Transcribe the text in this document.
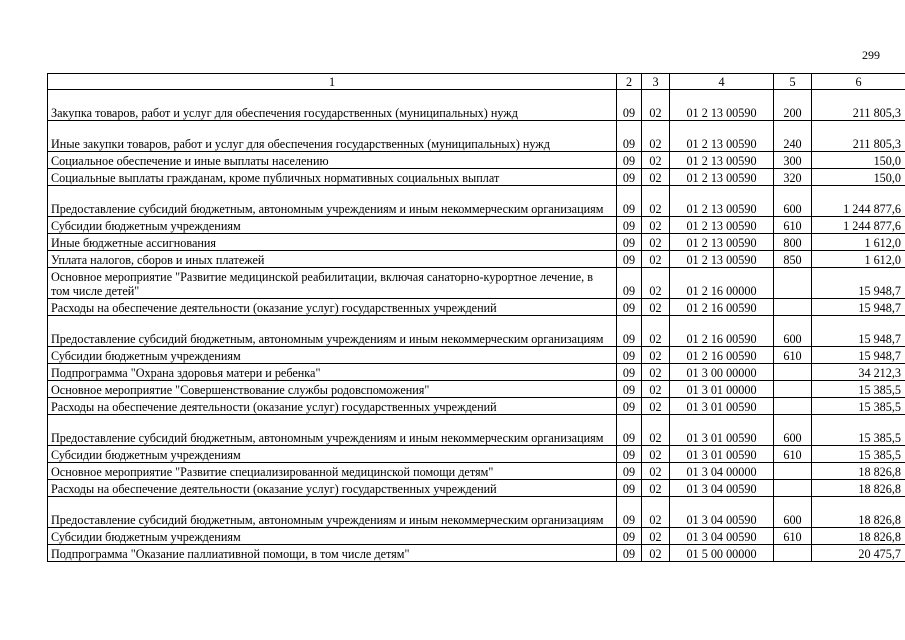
299
1	2	3	4	5	6
Закупка товаров, работ и услуг для обеспечения государственных (муниципальных) нужд	09	02	01 2 13 00590	200	211 805,3
Иные закупки товаров, работ и услуг для обеспечения государственных (муниципальных) нужд	09	02	01 2 13 00590	240	211 805,3
Социальное обеспечение и иные выплаты населению	09	02	01 2 13 00590	300	150,0
Социальные выплаты гражданам, кроме публичных нормативных социальных выплат	09	02	01 2 13 00590	320	150,0
Предоставление субсидий бюджетным, автономным учреждениям и иным некоммерческим организациям	09	02	01 2 13 00590	600	1 244 877,6
Субсидии бюджетным учреждениям	09	02	01 2 13 00590	610	1 244 877,6
Иные бюджетные ассигнования	09	02	01 2 13 00590	800	1 612,0
Уплата налогов, сборов и иных платежей	09	02	01 2 13 00590	850	1 612,0
Основное мероприятие "Развитие медицинской реабилитации, включая санаторно-курортное лечение, в том числе детей"	09	02	01 2 16 00000		15 948,7
Расходы на обеспечение деятельности (оказание услуг) государственных учреждений	09	02	01 2 16 00590		15 948,7
Предоставление субсидий бюджетным, автономным учреждениям и иным некоммерческим организациям	09	02	01 2 16 00590	600	15 948,7
Субсидии бюджетным учреждениям	09	02	01 2 16 00590	610	15 948,7
Подпрограмма "Охрана здоровья матери и ребенка"	09	02	01 3 00 00000		34 212,3
Основное мероприятие "Совершенствование службы родовспоможения"	09	02	01 3 01 00000		15 385,5
Расходы на обеспечение деятельности (оказание услуг) государственных учреждений	09	02	01 3 01 00590		15 385,5
Предоставление субсидий бюджетным, автономным учреждениям и иным некоммерческим организациям	09	02	01 3 01 00590	600	15 385,5
Субсидии бюджетным учреждениям	09	02	01 3 01 00590	610	15 385,5
Основное мероприятие "Развитие специализированной медицинской помощи детям"	09	02	01 3 04 00000		18 826,8
Расходы на обеспечение деятельности (оказание услуг) государственных учреждений	09	02	01 3 04 00590		18 826,8
Предоставление субсидий бюджетным, автономным учреждениям и иным некоммерческим организациям	09	02	01 3 04 00590	600	18 826,8
Субсидии бюджетным учреждениям	09	02	01 3 04 00590	610	18 826,8
Подпрограмма "Оказание паллиативной помощи, в том числе детям"	09	02	01 5 00 00000		20 475,7
